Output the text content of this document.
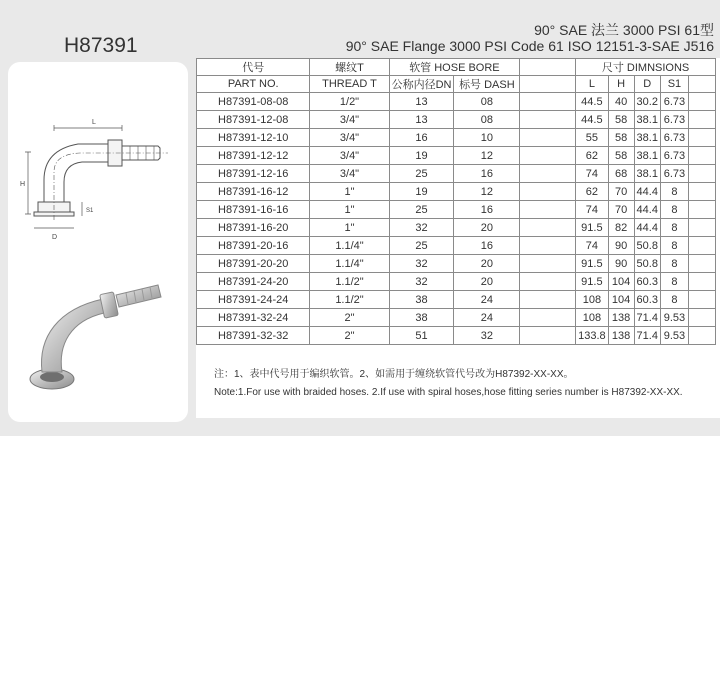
H87391
90° SAE 法兰 3000 PSI 61型
90° SAE Flange 3000 PSI Code 61 ISO 12151-3-SAE J516
L
H
D
S1
代号	螺纹T	软管 HOSE BORE			尺寸 DIMNSIONS				
PART NO.	THREAD T	公称内径DN	标号 DASH		L	H	D	S1	
H87391-08-08	1/2"	13	08		44.5	40	30.2	6.73	
H87391-12-08	3/4"	13	08		44.5	58	38.1	6.73	
H87391-12-10	3/4"	16	10		55	58	38.1	6.73	
H87391-12-12	3/4"	19	12		62	58	38.1	6.73	
H87391-12-16	3/4"	25	16		74	68	38.1	6.73	
H87391-16-12	1"	19	12		62	70	44.4	8	
H87391-16-16	1"	25	16		74	70	44.4	8	
H87391-16-20	1"	32	20		91.5	82	44.4	8	
H87391-20-16	1.1/4"	25	16		74	90	50.8	8	
H87391-20-20	1.1/4"	32	20		91.5	90	50.8	8	
H87391-24-20	1.1/2"	32	20		91.5	104	60.3	8	
H87391-24-24	1.1/2"	38	24		108	104	60.3	8	
H87391-32-24	2"	38	24		108	138	71.4	9.53	
H87391-32-32	2"	51	32		133.8	138	71.4	9.53	
注：1、表中代号用于编织软管。2、如需用于缠绕软管代号改为H87392-XX-XX。
Note:1.For use with braided hoses. 2.If use with spiral hoses,hose fitting series number is H87392-XX-XX.
